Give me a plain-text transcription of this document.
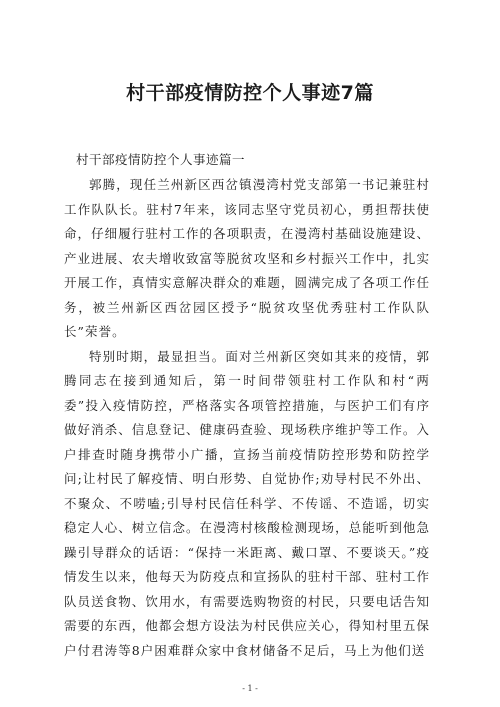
村干部疫情防控个人事迹7篇
村干部疫情防控个人事迹篇一

郭腾，现任兰州新区西岔镇漫湾村党支部第一书记兼驻村工作队队长。驻村7年来，该同志坚守党员初心，勇担帮扶使命，仔细履行驻村工作的各项职责，在漫湾村基础设施建设、产业进展、农夫增收致富等脱贫攻坚和乡村振兴工作中，扎实开展工作，真情实意解决群众的难题，圆满完成了各项工作任务，被兰州新区西岔园区授予“脱贫攻坚优秀驻村工作队队长”荣誉。

特别时期，最显担当。面对兰州新区突如其来的疫情，郭腾同志在接到通知后，第一时间带领驻村工作队和村“两委”投入疫情防控，严格落实各项管控措施，与医护工们有序做好消杀、信息登记、健康码查验、现场秩序维护等工作。入户排查时随身携带小广播，宣扬当前疫情防控形势和防控学问;让村民了解疫情、明白形势、自觉协作;劝导村民不外出、不聚众、不唠嗑;引导村民信任科学、不传谣、不造谣，切实稳定人心、树立信念。在漫湾村核酸检测现场，总能听到他急躁引导群众的话语：“保持一米距离、戴口罩、不要谈天。”疫情发生以来，他每天为防疫点和宣扬队的驻村干部、驻村工作队员送食物、饮用水，有需要选购物资的村民，只要电话告知需要的东西，他都会想方设法为村民供应关心，得知村里五保户付君涛等8户困难群众家中食材储备不足后，马上为他们送

- 1 -
